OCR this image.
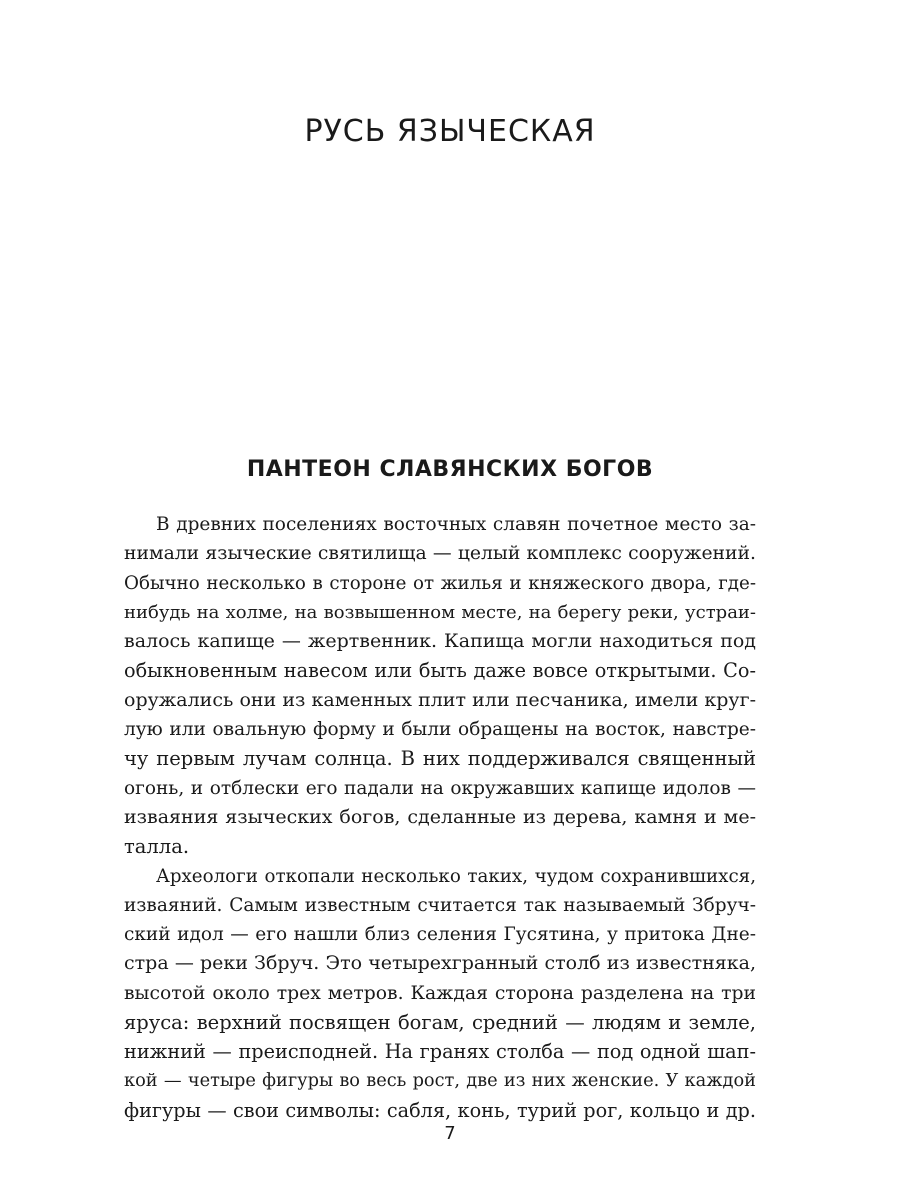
РУСЬ ЯЗЫЧЕСКАЯ
ПАНТЕОН СЛАВЯНСКИХ БОГОВ
В древних поселениях восточных славян почетное место за-
нимали языческие святилища — целый комплекс сооружений.
Обычно несколько в стороне от жилья и княжеского двора, где-
нибудь на холме, на возвышенном месте, на берегу реки, устраи-
валось капище — жертвенник. Капища могли находиться под
обыкновенным навесом или быть даже вовсе открытыми. Со-
оружались они из каменных плит или песчаника, имели круг-
лую или овальную форму и были обращены на восток, навстре-
чу первым лучам солнца. В них поддерживался священный
огонь, и отблески его падали на окружавших капище идолов —
изваяния языческих богов, сделанные из дерева, камня и ме-
талла.
Археологи откопали несколько таких, чудом сохранившихся,
изваяний. Самым известным считается так называемый Збруч-
ский идол — его нашли близ селения Гусятина, у притока Дне-
стра — реки Збруч. Это четырехгранный столб из известняка,
высотой около трех метров. Каждая сторона разделена на три
яруса: верхний посвящен богам, средний — людям и земле,
нижний — преисподней. На гранях столба — под одной шап-
кой — четыре фигуры во весь рост, две из них женские. У каждой
фигуры — свои символы: сабля, конь, турий рог, кольцо и др.
7
